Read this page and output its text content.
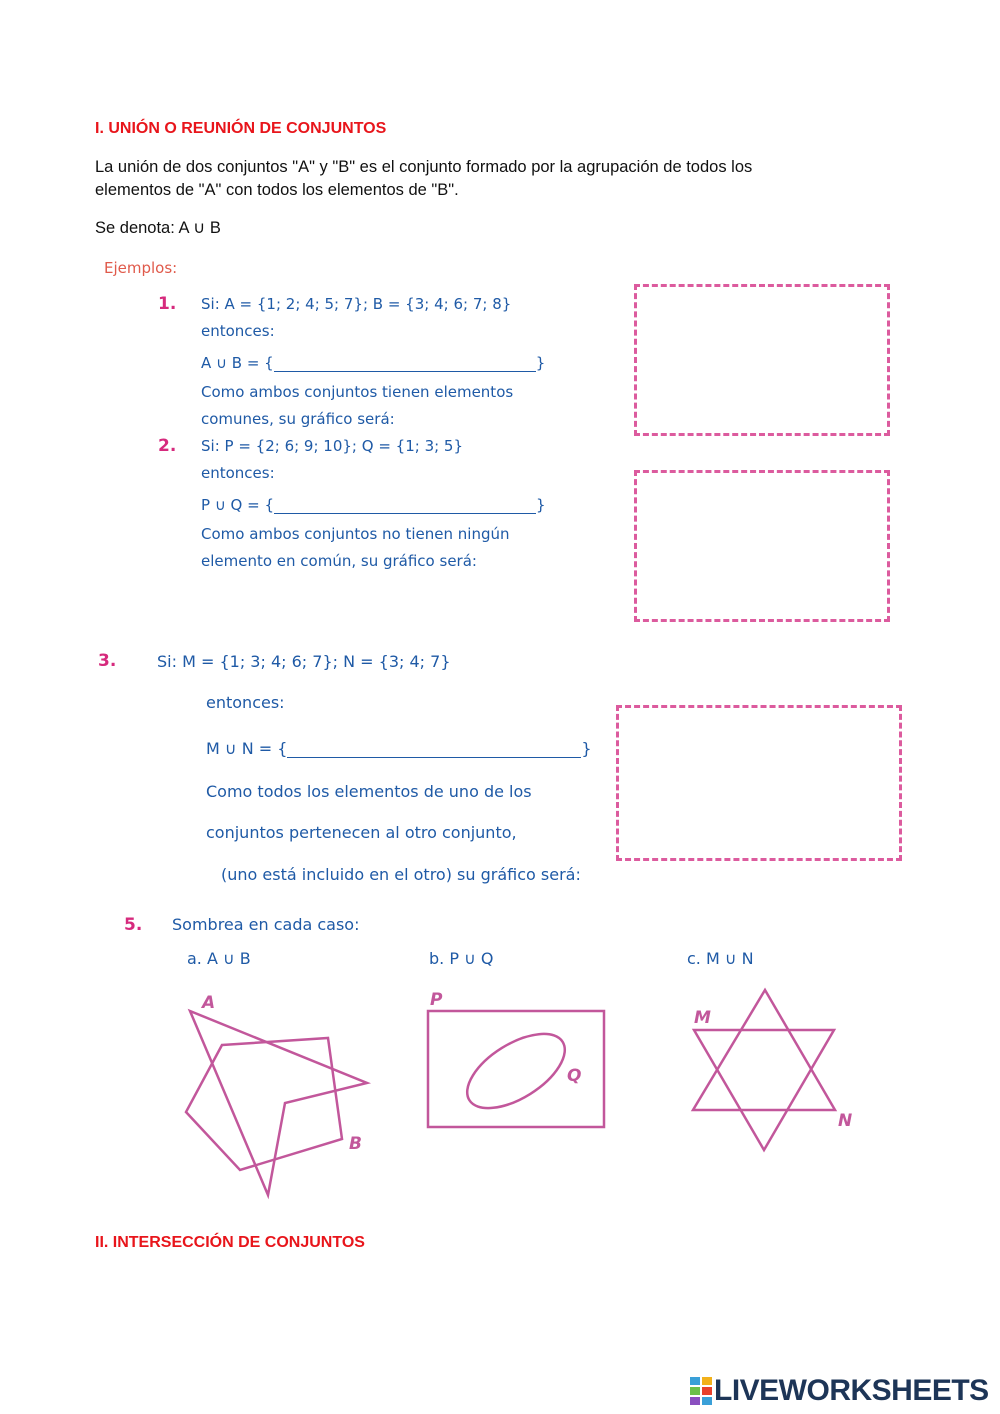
I. UNIÓN O REUNIÓN DE CONJUNTOS
La unión de dos conjuntos "A" y "B" es el conjunto formado por la agrupación de todos los
elementos de "A" con todos los elementos de "B".
Se denota: A ∪ B
Ejemplos:
1. Si: A = {1; 2; 4; 5; 7}; B = {3; 4; 6; 7; 8}
entonces:
A ∪ B = {	}
Como ambos conjuntos tienen elementos
comunes, su gráfico será:
2. Si: P = {2; 6; 9; 10}; Q = {1; 3; 5}
entonces:
P ∪ Q = {	}
Como ambos conjuntos no tienen ningún
elemento en común, su gráfico será:
3.	Si: M = {1; 3; 4; 6; 7}; N = {3; 4; 7}
entonces:
M ∪ N = {	}
Como todos los elementos de uno de los
conjuntos pertenecen al otro conjunto,
(uno está incluido en el otro) su gráfico será:
5. Sombrea en cada caso:
a. A ∪ B	b. P ∪ Q	c. M ∪ N
A
B
P
Q
M
N
II. INTERSECCIÓN DE CONJUNTOS
LIVEWORKSHEETS
